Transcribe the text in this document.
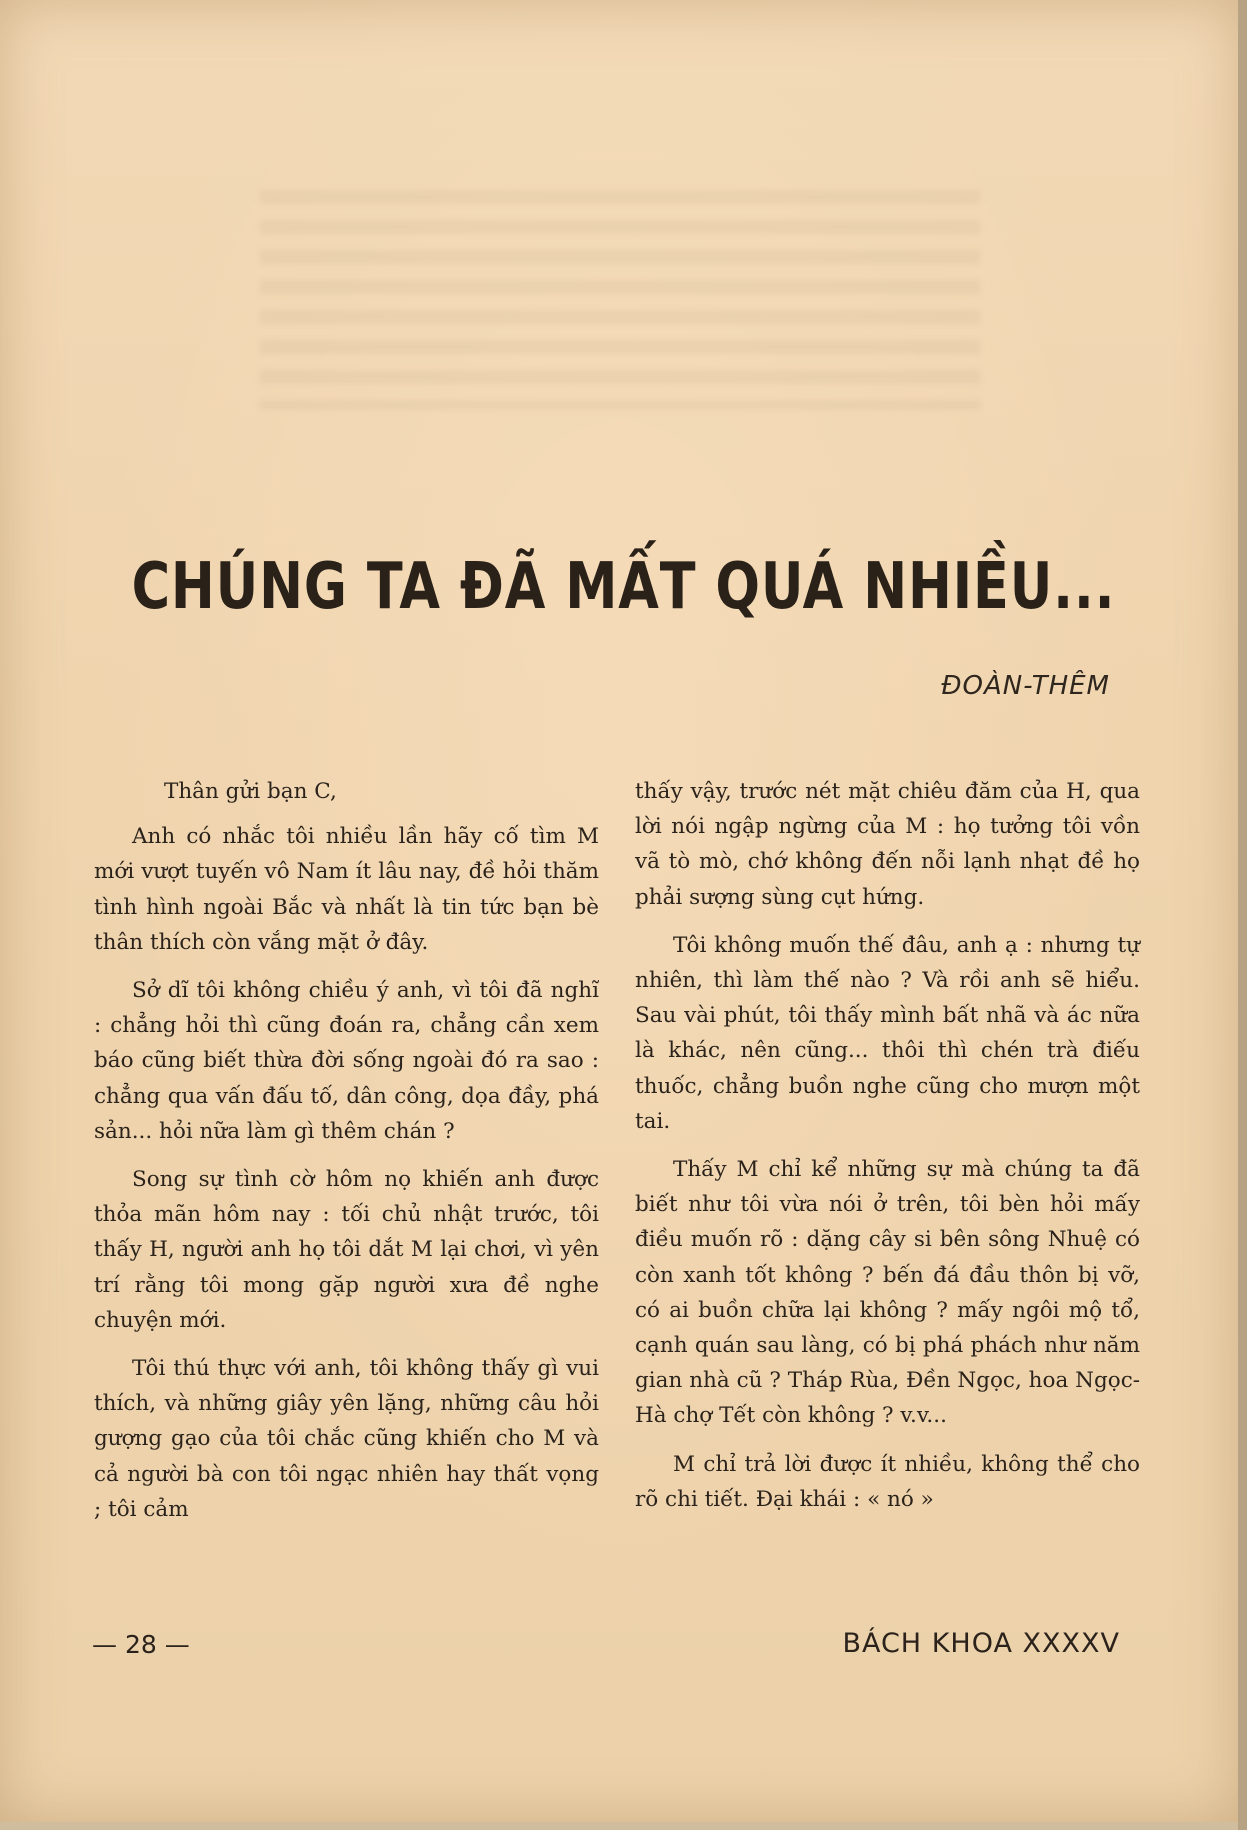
CHÚNG TA ĐÃ MẤT QUÁ NHIỀU...

ĐOÀN-THÊM

Thân gửi bạn C,

Anh có nhắc tôi nhiều lần hãy cố tìm M mới vượt tuyến vô Nam ít lâu nay, đề hỏi thăm tình hình ngoài Bắc và nhất là tin tức bạn bè thân thích còn vắng mặt ở đây.

Sở dĩ tôi không chiều ý anh, vì tôi đã nghĩ : chẳng hỏi thì cũng đoán ra, chẳng cần xem báo cũng biết thừa đời sống ngoài đó ra sao : chẳng qua vấn đấu tố, dân công, dọa đầy, phá sản... hỏi nữa làm gì thêm chán ?

Song sự tình cờ hôm nọ khiến anh được thỏa mãn hôm nay : tối chủ nhật trước, tôi thấy H, người anh họ tôi dắt M lại chơi, vì yên trí rằng tôi mong gặp người xưa đề nghe chuyện mới.

Tôi thú thực với anh, tôi không thấy gì vui thích, và những giây yên lặng, những câu hỏi gượng gạo của tôi chắc cũng khiến cho M và cả người bà con tôi ngạc nhiên hay thất vọng ; tôi cảm

thấy vậy, trước nét mặt chiêu đăm của H, qua lời nói ngập ngừng của M : họ tưởng tôi vồn vã tò mò, chớ không đến nỗi lạnh nhạt đề họ phải sượng sùng cụt hứng.

Tôi không muốn thế đâu, anh ạ : nhưng tự nhiên, thì làm thế nào ? Và rồi anh sẽ hiểu. Sau vài phút, tôi thấy mình bất nhã và ác nữa là khác, nên cũng... thôi thì chén trà điếu thuốc, chẳng buồn nghe cũng cho mượn một tai.

Thấy M chỉ kể những sự mà chúng ta đã biết như tôi vừa nói ở trên, tôi bèn hỏi mấy điều muốn rõ : dặng cây si bên sông Nhuệ có còn xanh tốt không ? bến đá đầu thôn bị vỡ, có ai buồn chữa lại không ? mấy ngôi mộ tổ, cạnh quán sau làng, có bị phá phách như năm gian nhà cũ ? Tháp Rùa, Đền Ngọc, hoa Ngọc-Hà chợ Tết còn không ? v.v...

M chỉ trả lời được ít nhiều, không thể cho rõ chi tiết. Đại khái : « nó »

— 28 —	BÁCH KHOA XXXXV
